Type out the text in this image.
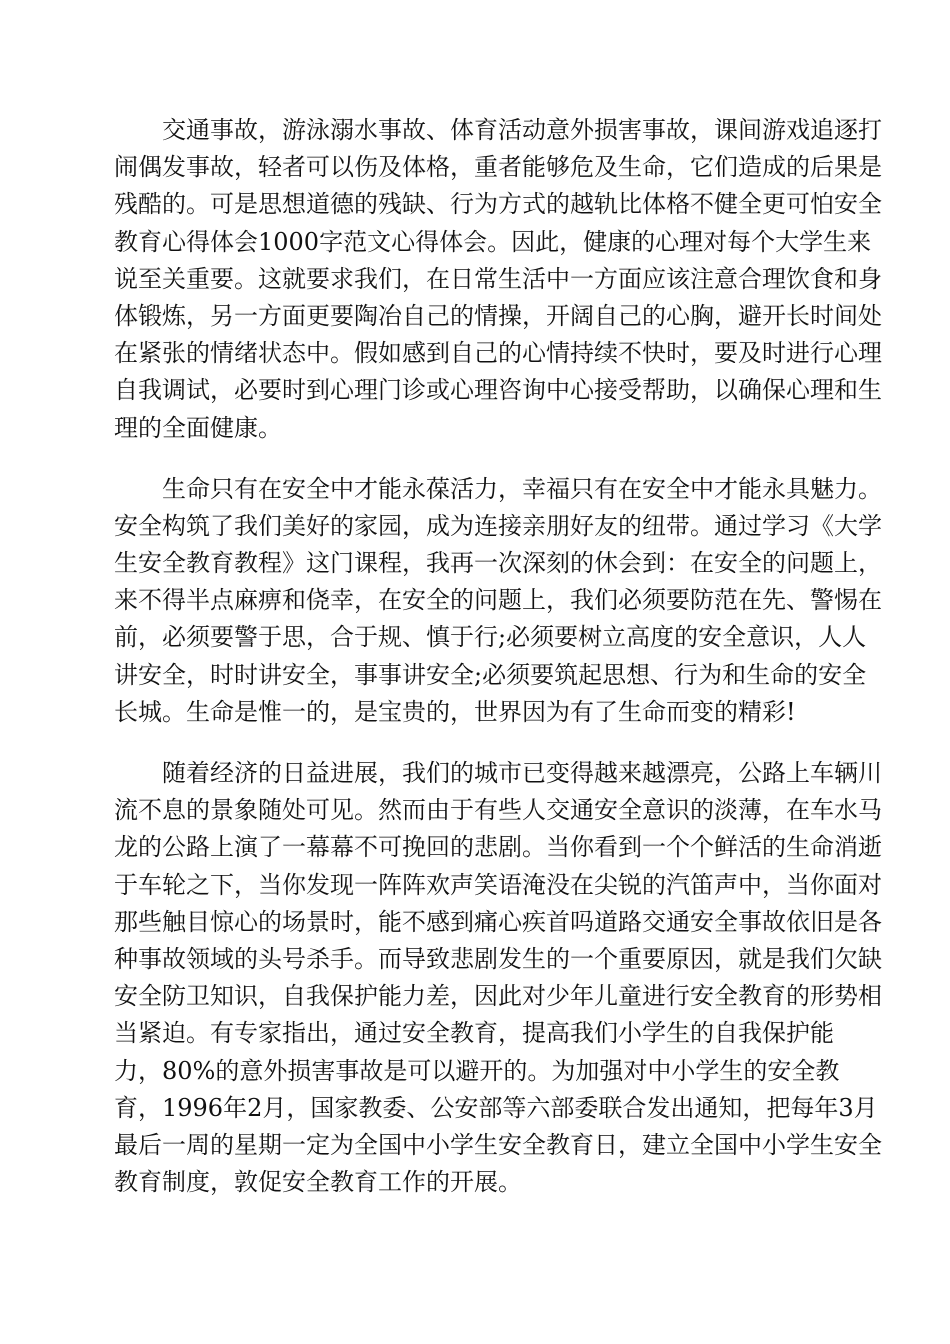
交通事故，游泳溺水事故、体育活动意外损害事故，课间游戏追逐打
闹偶发事故，轻者可以伤及体格，重者能够危及生命，它们造成的后果是
残酷的。可是思想道德的残缺、行为方式的越轨比体格不健全更可怕安全
教育心得体会1000字范文心得体会。因此，健康的心理对每个大学生来
说至关重要。这就要求我们，在日常生活中一方面应该注意合理饮食和身
体锻炼，另一方面更要陶冶自己的情操，开阔自己的心胸，避开长时间处
在紧张的情绪状态中。假如感到自己的心情持续不快时，要及时进行心理
自我调试，必要时到心理门诊或心理咨询中心接受帮助，以确保心理和生
理的全面健康。
生命只有在安全中才能永葆活力，幸福只有在安全中才能永具魅力。
安全构筑了我们美好的家园，成为连接亲朋好友的纽带。通过学习《大学
生安全教育教程》这门课程，我再一次深刻的休会到：在安全的问题上，
来不得半点麻痹和侥幸，在安全的问题上，我们必须要防范在先、警惕在
前，必须要警于思，合于规、慎于行;必须要树立高度的安全意识，人人
讲安全，时时讲安全，事事讲安全;必须要筑起思想、行为和生命的安全
长城。生命是惟一的，是宝贵的，世界因为有了生命而变的精彩!
随着经济的日益进展，我们的城市已变得越来越漂亮，公路上车辆川
流不息的景象随处可见。然而由于有些人交通安全意识的淡薄，在车水马
龙的公路上演了一幕幕不可挽回的悲剧。当你看到一个个鲜活的生命消逝
于车轮之下，当你发现一阵阵欢声笑语淹没在尖锐的汽笛声中，当你面对
那些触目惊心的场景时，能不感到痛心疾首吗道路交通安全事故依旧是各
种事故领域的头号杀手。而导致悲剧发生的一个重要原因，就是我们欠缺
安全防卫知识，自我保护能力差，因此对少年儿童进行安全教育的形势相
当紧迫。有专家指出，通过安全教育，提高我们小学生的自我保护能
力，80%的意外损害事故是可以避开的。为加强对中小学生的安全教
育，1996年2月，国家教委、公安部等六部委联合发出通知，把每年3月
最后一周的星期一定为全国中小学生安全教育日，建立全国中小学生安全
教育制度，敦促安全教育工作的开展。
